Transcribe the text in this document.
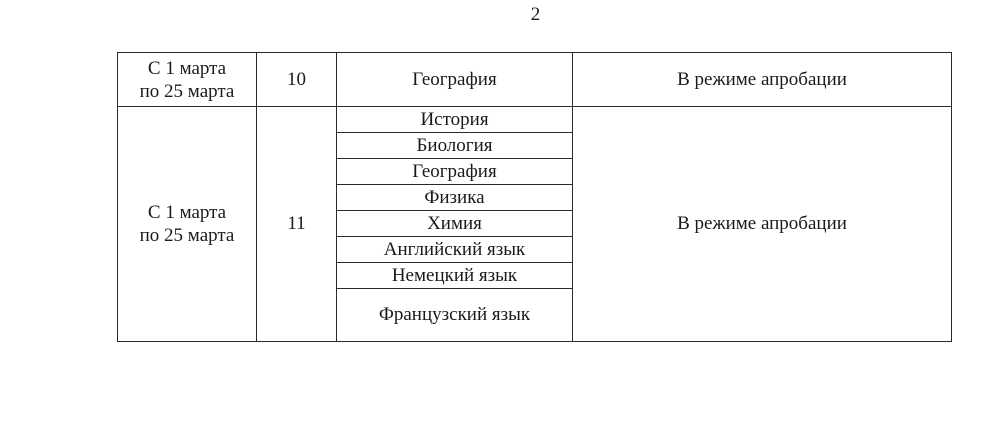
2
С 1 марта
по 25 марта	10	География	В режиме апробации
С 1 марта
по 25 марта	11	История	В режиме апробации
		Биология	
		География	
		Физика	
		Химия	
		Английский язык	
		Немецкий язык	
		Французский язык	
